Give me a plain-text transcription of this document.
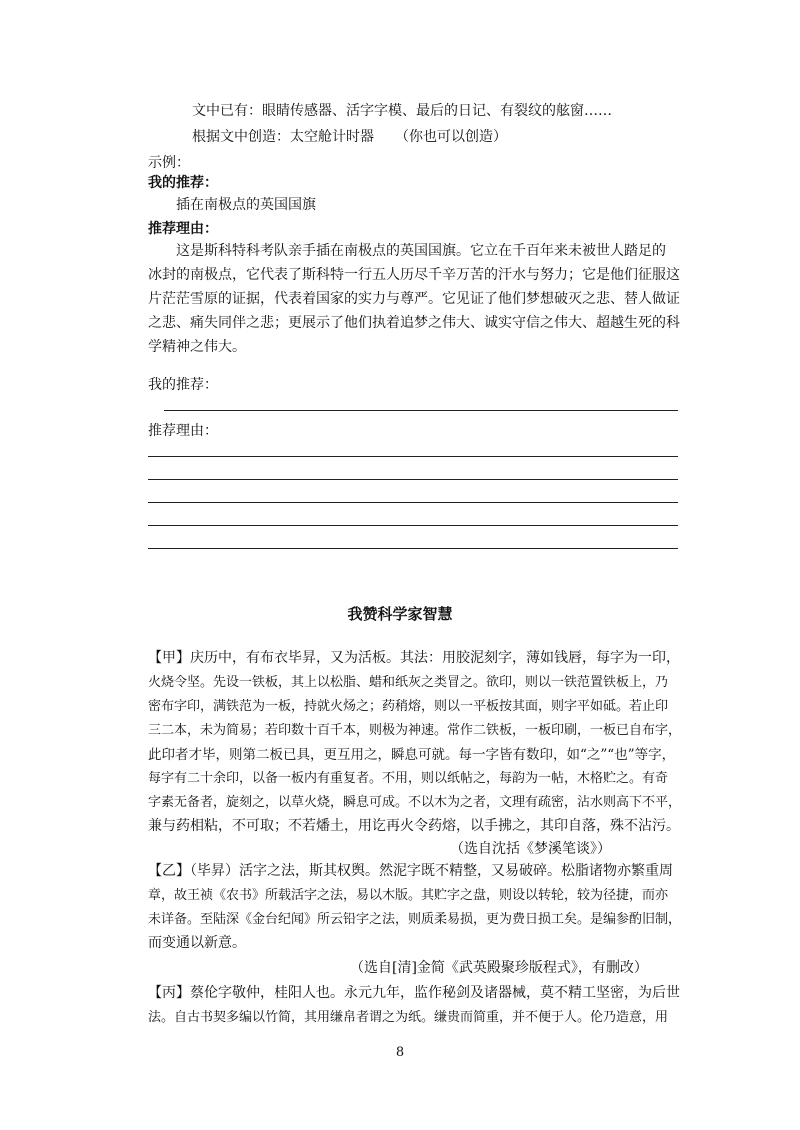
文中已有：眼睛传感器、活字字模、最后的日记、有裂纹的舷窗……
根据文中创造：太空舱计时器　　（你也可以创造）
示例：
我的推荐：
插在南极点的英国国旗
推荐理由：
这是斯科特科考队亲手插在南极点的英国国旗。它立在千百年来未被世人踏足的
冰封的南极点，它代表了斯科特一行五人历尽千辛万苦的汗水与努力；它是他们征服这
片茫茫雪原的证据，代表着国家的实力与尊严。它见证了他们梦想破灭之悲、替人做证
之悲、痛失同伴之悲；更展示了他们执着追梦之伟大、诚实守信之伟大、超越生死的科
学精神之伟大。
我的推荐：
推荐理由：
我赞科学家智慧
【甲】庆历中，有布衣毕昇，又为活板。其法：用胶泥刻字，薄如钱唇，每字为一印，
火烧令坚。先设一铁板，其上以松脂、蜡和纸灰之类冒之。欲印，则以一铁范置铁板上，乃
密布字印，满铁范为一板，持就火炀之；药稍熔，则以一平板按其面，则字平如砥。若止印
三二本，未为简易；若印数十百千本，则极为神速。常作二铁板，一板印刷，一板已自布字，
此印者才毕，则第二板已具，更互用之，瞬息可就。每一字皆有数印，如“之”“也”等字，
每字有二十余印，以备一板内有重复者。不用，则以纸帖之，每韵为一帖，木格贮之。有奇
字素无备者，旋刻之，以草火烧，瞬息可成。不以木为之者，文理有疏密，沾水则高下不平，
兼与药相粘，不可取；不若燔土，用讫再火令药熔，以手拂之，其印自落，殊不沾污。
（选自沈括《梦溪笔谈》）
【乙】（毕昇）活字之法，斯其权舆。然泥字既不精整，又易破碎。松脂诸物亦繁重周
章，故王祯《农书》所载活字之法，易以木版。其贮字之盘，则设以转轮，较为径捷，而亦
未详备。至陆深《金台纪闻》所云铅字之法，则质柔易损，更为费日损工矣。是编参酌旧制，
而变通以新意。
（选自[清]金简《武英殿聚珍版程式》，有删改）
【丙】蔡伦字敬仲，桂阳人也。永元九年，监作秘剑及诸器械，莫不精工坚密，为后世
法。自古书契多编以竹简，其用缣帛者谓之为纸。缣贵而简重，并不便于人。伦乃造意，用
8
